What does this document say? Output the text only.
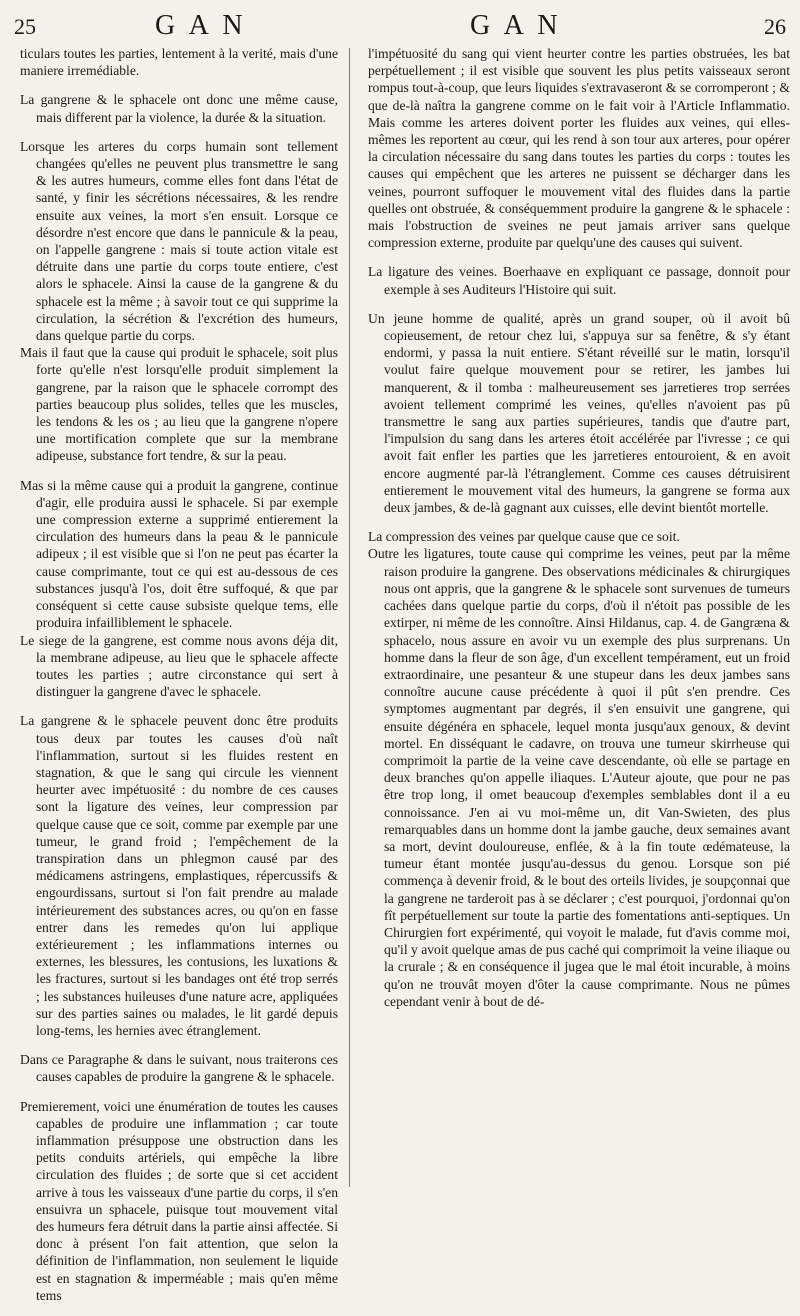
25	G A N	G A N	26

ticulars toutes les parties, lentement à la verité, mais d'une maniere irremédiable.

La gangrene & le sphacele ont donc une même cause, mais different par la violence, la durée & la situation.

Lorsque les arteres du corps humain sont tellement changées qu'elles ne peuvent plus transmettre le sang & les autres humeurs, comme elles font dans l'état de santé, y finir les sécrétions nécessaires, & les rendre ensuite aux veines, la mort s'en ensuit. Lorsque ce désordre n'est encore que dans le pannicule & la peau, on l'appelle gangrene : mais si toute action vitale est détruite dans une partie du corps toute entiere, c'est alors le sphacele. Ainsi la cause de la gangrene & du sphacele est la même ; à savoir tout ce qui supprime la circulation, la sécrétion & l'excrétion des humeurs, dans quelque partie du corps.

Mais il faut que la cause qui produit le sphacele, soit plus forte qu'elle n'est lorsqu'elle produit simplement la gangrene, par la raison que le sphacele corrompt des parties beaucoup plus solides, telles que les muscles, les tendons & les os ; au lieu que la gangrene n'opere une mortification complete que sur la membrane adipeuse, substance fort tendre, & sur la peau.

Mas si la même cause qui a produit la gangrene, continue d'agir, elle produira aussi le sphacele. Si par exemple une compression externe a supprimé entierement la circulation des humeurs dans la peau & le pannicule adipeux ; il est visible que si l'on ne peut pas écarter la cause comprimante, tout ce qui est au-dessous de ces substances jusqu'à l'os, doit être suffoqué, & que par conséquent si cette cause subsiste quelque tems, elle produira infailliblement le sphacele.

Le siege de la gangrene, est comme nous avons déja dit, la membrane adipeuse, au lieu que le sphacele affecte toutes les parties ; autre circonstance qui sert à distinguer la gangrene d'avec le sphacele.

La gangrene & le sphacele peuvent donc être produits tous deux par toutes les causes d'où naît l'inflammation, surtout si les fluides restent en stagnation, & que le sang qui circule les viennent heurter avec impétuosité : du nombre de ces causes sont la ligature des veines, leur compression par quelque cause que ce soit, comme par exemple par une tumeur, le grand froid ; l'empêchement de la transpiration dans un phlegmon causé par des médicamens astringens, emplastiques, répercussifs & engourdissans, surtout si l'on fait prendre au malade intérieurement des substances acres, ou qu'on en fasse entrer dans les remedes qu'on lui applique extérieurement ; les inflammations internes ou externes, les blessures, les contusions, les luxations & les fractures, surtout si les bandages ont été trop serrés ; les substances huileuses d'une nature acre, appliquées sur des parties saines ou malades, le lit gardé depuis long-tems, les hernies avec étranglement.

Dans ce Paragraphe & dans le suivant, nous traiterons ces causes capables de produire la gangrene & le sphacele.

Premierement, voici une énumération de toutes les causes capables de produire une inflammation ; car toute inflammation présuppose une obstruction dans les petits conduits artériels, qui empêche la libre circulation des fluides ; de sorte que si cet accident arrive à tous les vaisseaux d'une partie du corps, il s'en ensuivra un sphacele, puisque tout mouvement vital des humeurs fera détruit dans la partie ainsi affectée. Si donc à présent l'on fait attention, que selon la définition de l'inflammation, non seulement le liquide est en stagnation & imperméable ; mais qu'en même tems

l'impétuosité du sang qui vient heurter contre les parties obstruées, les bat perpétuellement ; il est visible que souvent les plus petits vaisseaux seront rompus tout-à-coup, que leurs liquides s'extravaseront & se corromperont ; & que de-là naîtra la gangrene comme on le fait voir à l'Article Inflammatio. Mais comme les arteres doivent porter les fluides aux veines, qui elles-mêmes les reportent au cœur, qui les rend à son tour aux arteres, pour opérer la circulation nécessaire du sang dans toutes les parties du corps : toutes les causes qui empêchent que les arteres ne puissent se décharger dans les veines, pourront suffoquer le mouvement vital des fluides dans la partie quelles ont obstruée, & conséquemment produire la gangrene & le sphacele : mais l'obstruction de sveines ne peut jamais arriver sans quelque compression externe, produite par quelqu'une des causes qui suivent.

La ligature des veines. Boerhaave en expliquant ce passage, donnoit pour exemple à ses Auditeurs l'Histoire qui suit.

Un jeune homme de qualité, après un grand souper, où il avoit bû copieusement, de retour chez lui, s'appuya sur sa fenêtre, & s'y étant endormi, y passa la nuit entiere. S'étant réveillé sur le matin, lorsqu'il voulut faire quelque mouvement pour se retirer, les jambes lui manquerent, & il tomba : malheureusement ses jarretieres trop serrées avoient tellement comprimé les veines, qu'elles n'avoient pas pû transmettre le sang aux parties supérieures, tandis que d'autre part, l'impulsion du sang dans les arteres étoit accélérée par l'ivresse ; ce qui avoit fait enfler les parties que les jarretieres entouroient, & en avoit encore augmenté par-là l'étranglement. Comme ces causes détruisirent entierement le mouvement vital des humeurs, la gangrene se forma aux deux jambes, & de-là gagnant aux cuisses, elle devint bientôt mortelle.

La compression des veines par quelque cause que ce soit.

Outre les ligatures, toute cause qui comprime les veines, peut par la même raison produire la gangrene. Des observations médicinales & chirurgiques nous ont appris, que la gangrene & le sphacele sont survenues de tumeurs cachées dans quelque partie du corps, d'où il n'étoit pas possible de les extirper, ni même de les connoître. Ainsi Hildanus, cap. 4. de Gangræna & sphacelo, nous assure en avoir vu un exemple des plus surprenans. Un homme dans la fleur de son âge, d'un excellent tempérament, eut un froid extraordinaire, une pesanteur & une stupeur dans les deux jambes sans connoître aucune cause précédente à quoi il pût s'en prendre. Ces symptomes augmentant par degrés, il s'en ensuivit une gangrene, qui ensuite dégénéra en sphacele, lequel monta jusqu'aux genoux, & devint mortel. En disséquant le cadavre, on trouva une tumeur skirrheuse qui comprimoit la partie de la veine cave descendante, où elle se partage en deux branches qu'on appelle iliaques. L'Auteur ajoute, que pour ne pas être trop long, il omet beaucoup d'exemples semblables dont il a eu connoissance. J'en ai vu moi-même un, dit Van-Swieten, des plus remarquables dans un homme dont la jambe gauche, deux semaines avant sa mort, devint douloureuse, enflée, & à la fin toute œdémateuse, la tumeur étant montée jusqu'au-dessus du genou. Lorsque son pié commença à devenir froid, & le bout des orteils livides, je soupçonnai que la gangrene ne tarderoit pas à se déclarer ; c'est pourquoi, j'ordonnai qu'on fît perpétuellement sur toute la partie des fomentations anti-septiques. Un Chirurgien fort expérimenté, qui voyoit le malade, fut d'avis comme moi, qu'il y avoit quelque amas de pus caché qui comprimoit la veine iliaque ou la crurale ; & en conséquence il jugea que le mal étoit incurable, à moins qu'on ne trouvât moyen d'ôter la cause comprimante. Nous ne pûmes cependant venir à bout de dé-
